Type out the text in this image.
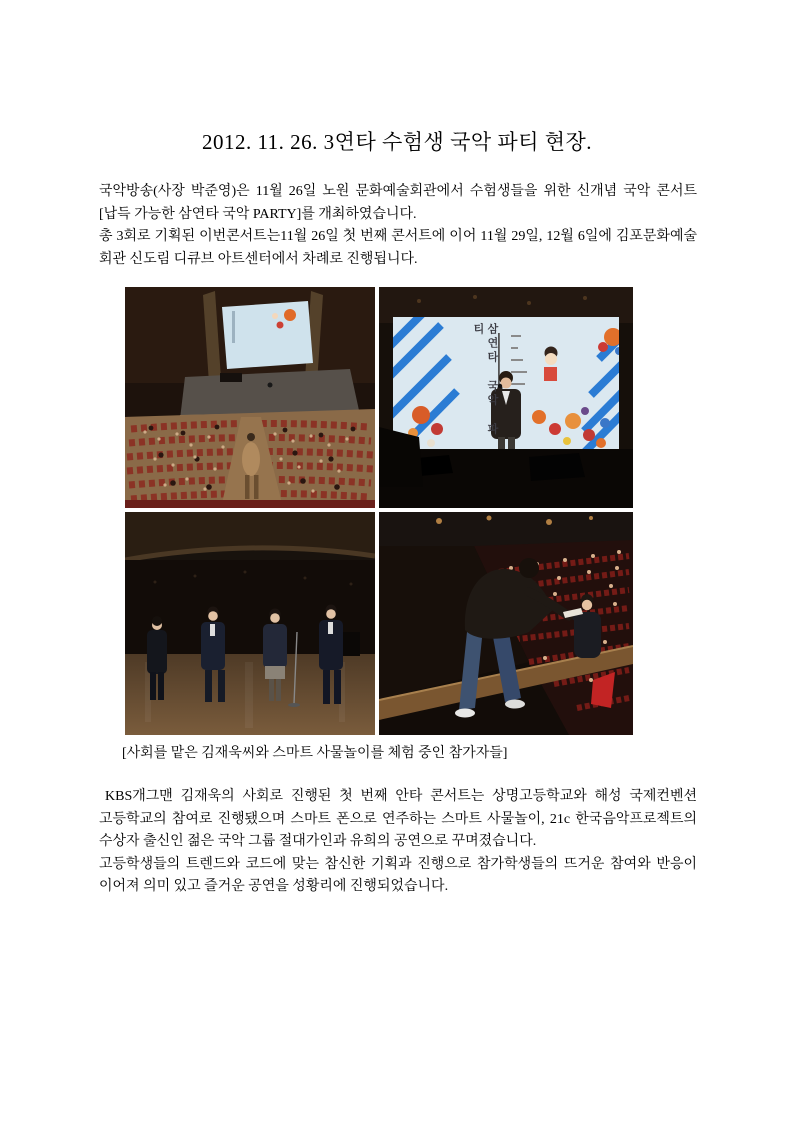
2012. 11. 26. 3연타 수험생 국악 파티 현장.

국악방송(사장 박준영)은 11월 26일 노원 문화예술회관에서 수험생들을 위한 신개념 국악 콘서트 [납득 가능한 삼연타 국악 PARTY]를 개최하였습니다.

총 3회로 기획된 이번콘서트는11월 26일 첫 번째 콘서트에 이어 11월 29일, 12월 6일에 김포문화예술 회관 신도림 디큐브 아트센터에서 차례로 진행됩니다.

삼연타 국악 파티

[사회를 맡은 김재욱씨와 스마트 사물놀이를 체험 중인 참가자들]

KBS개그맨 김재욱의 사회로 진행된 첫 번째 안타 콘서트는 상명고등학교와 해성 국제컨벤션 고등학교의 참여로 진행됐으며 스마트 폰으로 연주하는 스마트 사물놀이, 21c 한국음악프로젝트의 수상자 출신인 젊은 국악 그룹 절대가인과 유희의 공연으로 꾸며졌습니다.

고등학생들의 트렌드와 코드에 맞는 참신한 기획과 진행으로 참가학생들의 뜨거운 참여와 반응이 이어져 의미 있고 즐거운 공연을 성황리에 진행되었습니다.
